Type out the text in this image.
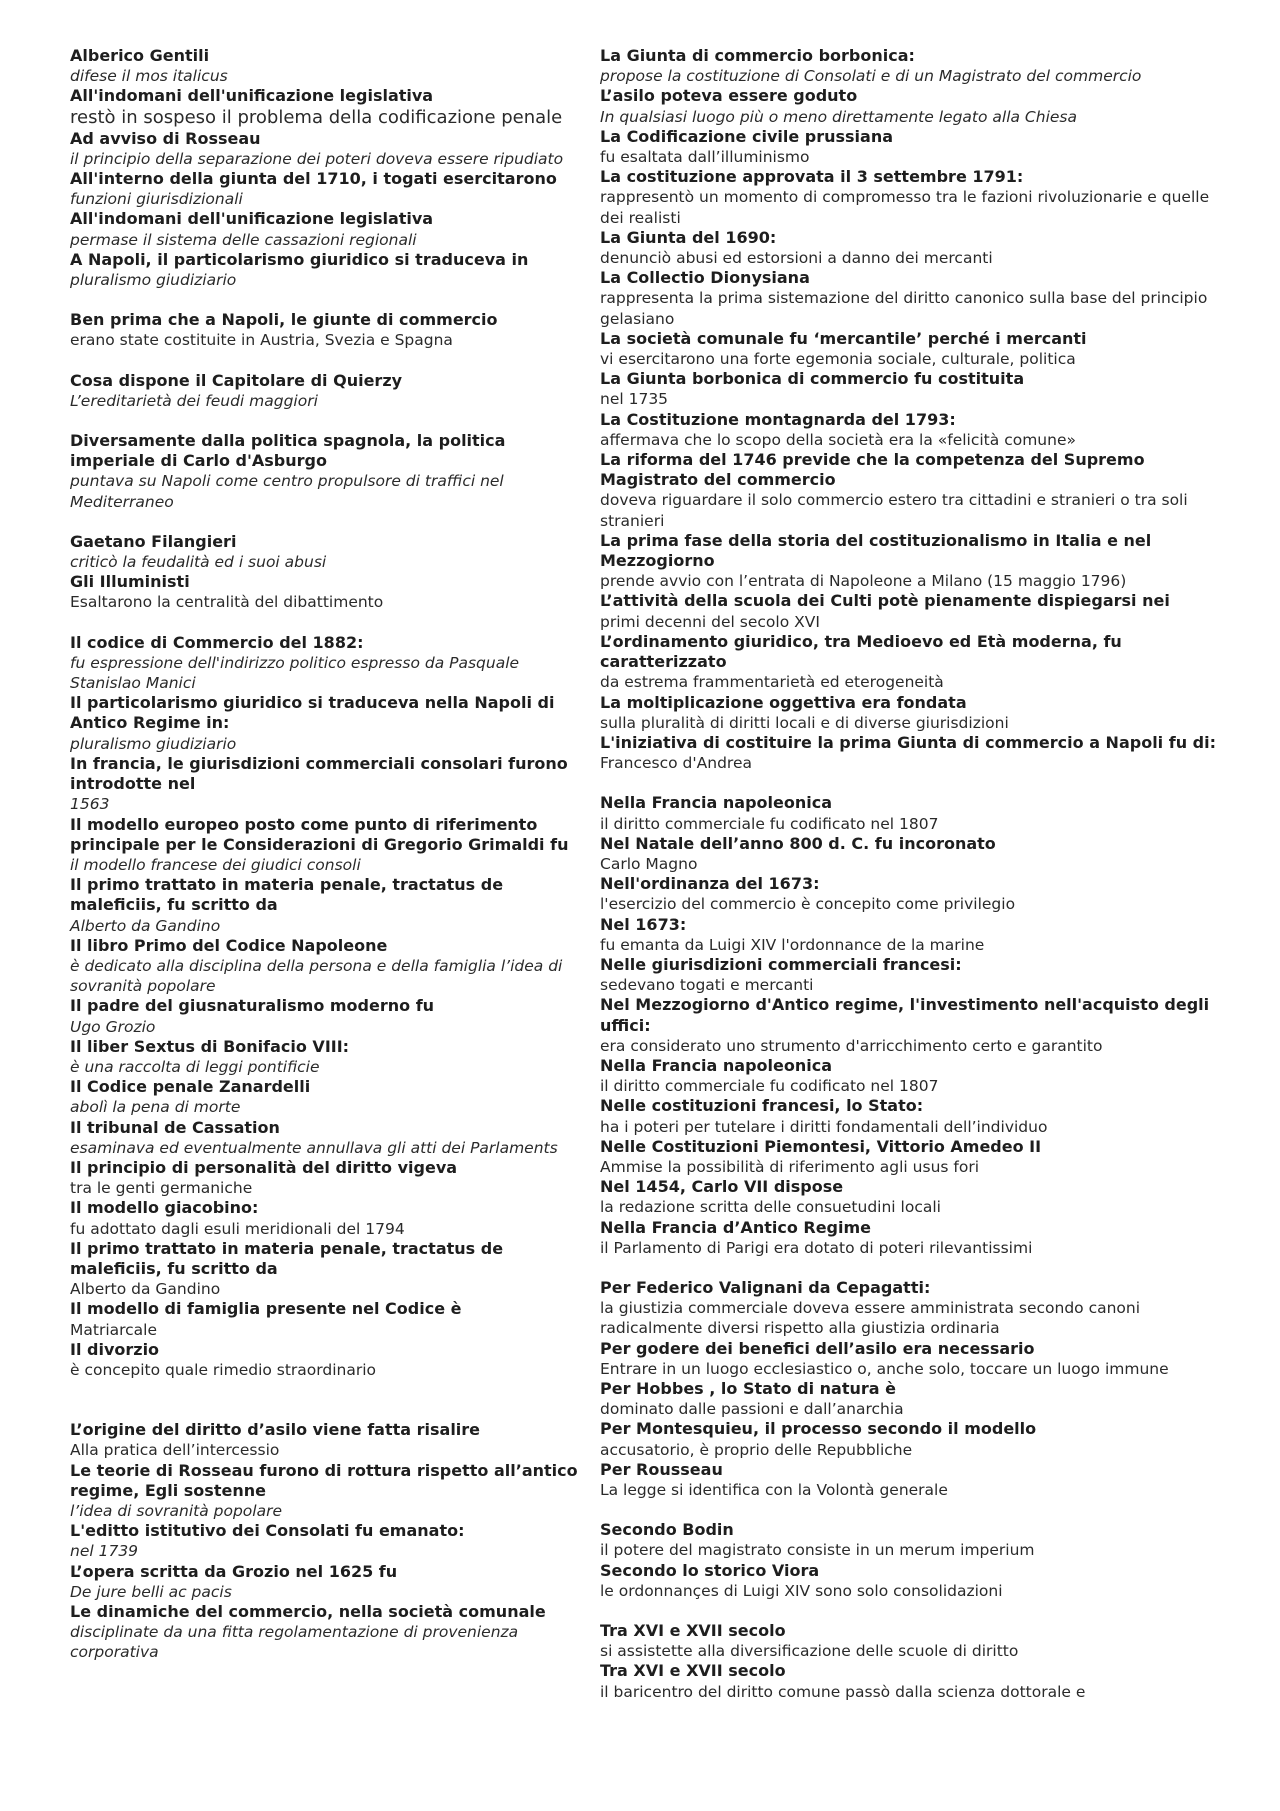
Alberico Gentili
difese il mos italicus
All'indomani dell'unificazione legislativa
restò in sospeso il problema della codificazione penale
Ad avviso di Rosseau
il principio della separazione dei poteri doveva essere ripudiato
All'interno della giunta del 1710, i togati esercitarono
funzioni giurisdizionali
All'indomani dell'unificazione legislativa
permase il sistema delle cassazioni regionali
A Napoli, il particolarismo giuridico si traduceva in
pluralismo giudiziario
Ben prima che a Napoli, le giunte di commercio
erano state costituite in Austria, Svezia e Spagna
Cosa dispone il Capitolare di Quierzy
L’ereditarietà dei feudi maggiori
Diversamente dalla politica spagnola, la politica imperiale di Carlo d'Asburgo
puntava su Napoli come centro propulsore di traffici nel Mediterraneo
Gaetano Filangieri
criticò la feudalità ed i suoi abusi
Gli Illuministi
Esaltarono la centralità del dibattimento
Il codice di Commercio del 1882:
fu espressione dell'indirizzo politico espresso da Pasquale Stanislao Manici
Il particolarismo giuridico si traduceva nella Napoli di Antico Regime in:
pluralismo giudiziario
In francia, le giurisdizioni commerciali consolari furono introdotte nel
1563
Il modello europeo posto come punto di riferimento principale per le Considerazioni di Gregorio Grimaldi fu
il modello francese dei giudici consoli
Il primo trattato in materia penale, tractatus de maleficiis, fu scritto da
Alberto da Gandino
Il libro Primo del Codice Napoleone
è dedicato alla disciplina della persona e della famiglia l’idea di sovranità popolare
Il padre del giusnaturalismo moderno fu
Ugo Grozio
Il liber Sextus di Bonifacio VIII:
è una raccolta di leggi pontificie
Il Codice penale Zanardelli
abolì la pena di morte
Il tribunal de Cassation
esaminava ed eventualmente annullava gli atti dei Parlaments
Il principio di personalità del diritto vigeva
tra le genti germaniche
Il modello giacobino:
fu adottato dagli esuli meridionali del 1794
Il primo trattato in materia penale, tractatus de maleficiis, fu scritto da
Alberto da Gandino
Il modello di famiglia presente nel Codice è
Matriarcale
Il divorzio
è concepito quale rimedio straordinario
L’origine del diritto d’asilo viene fatta risalire
Alla pratica dell’intercessio
Le teorie di Rosseau furono di rottura rispetto all’antico regime, Egli sostenne
l’idea di sovranità popolare
L'editto istitutivo dei Consolati fu emanato:
nel 1739
L’opera scritta da Grozio nel 1625 fu
De jure belli ac pacis
Le dinamiche del commercio, nella società comunale
disciplinate da una fitta regolamentazione di provenienza corporativa
La Giunta di commercio borbonica:
propose la costituzione di Consolati e di un Magistrato del commercio
L’asilo poteva essere goduto
In qualsiasi luogo più o meno direttamente legato alla Chiesa
La Codificazione civile prussiana
fu esaltata dall’illuminismo
La costituzione approvata il 3 settembre 1791:
rappresentò un momento di compromesso tra le fazioni rivoluzionarie e quelle dei realisti
La Giunta del 1690:
denunciò abusi ed estorsioni a danno dei mercanti
La Collectio Dionysiana
rappresenta la prima sistemazione del diritto canonico sulla base del principio gelasiano
La società comunale fu ‘mercantile’ perché i mercanti
vi esercitarono una forte egemonia sociale, culturale, politica
La Giunta borbonica di commercio fu costituita
nel 1735
La Costituzione montagnarda del 1793:
affermava che lo scopo della società era la «felicità comune»
La riforma del 1746 previde che la competenza del Supremo Magistrato del commercio
doveva riguardare il solo commercio estero tra cittadini e stranieri o tra soli stranieri
La prima fase della storia del costituzionalismo in Italia e nel Mezzogiorno
prende avvio con l’entrata di Napoleone a Milano (15 maggio 1796)
L’attività della scuola dei Culti potè pienamente dispiegarsi nei
primi decenni del secolo XVI
L’ordinamento giuridico, tra Medioevo ed Età moderna, fu caratterizzato
da estrema frammentarietà ed eterogeneità
La moltiplicazione oggettiva era fondata
sulla pluralità di diritti locali e di diverse giurisdizioni
L'iniziativa di costituire la prima Giunta di commercio a Napoli fu di:
Francesco d'Andrea
Nella Francia napoleonica
il diritto commerciale fu codificato nel 1807
Nel Natale dell’anno 800 d. C. fu incoronato
Carlo Magno
Nell'ordinanza del 1673:
l'esercizio del commercio è concepito come privilegio
Nel 1673:
fu emanta da Luigi XIV l'ordonnance de la marine
Nelle giurisdizioni commerciali francesi:
sedevano togati e mercanti
Nel Mezzogiorno d'Antico regime, l'investimento nell'acquisto degli uffici:
era considerato uno strumento d'arricchimento certo e garantito
Nella Francia napoleonica
il diritto commerciale fu codificato nel 1807
Nelle costituzioni francesi, lo Stato:
ha i poteri per tutelare i diritti fondamentali dell’individuo
Nelle Costituzioni Piemontesi, Vittorio Amedeo II
Ammise la possibilità di riferimento agli usus fori
Nel 1454, Carlo VII dispose
la redazione scritta delle consuetudini locali
Nella Francia d’Antico Regime
il Parlamento di Parigi era dotato di poteri rilevantissimi
Per Federico Valignani da Cepagatti:
la giustizia commerciale doveva essere amministrata secondo canoni radicalmente diversi rispetto alla giustizia ordinaria
Per godere dei benefici dell’asilo era necessario
Entrare in un luogo ecclesiastico o, anche solo, toccare un luogo immune
Per Hobbes , lo Stato di natura è
dominato dalle passioni e dall’anarchia
Per Montesquieu, il processo secondo il modello
accusatorio, è proprio delle Repubbliche
Per Rousseau
La legge si identifica con la Volontà generale
Secondo Bodin
il potere del magistrato consiste in un merum imperium
Secondo lo storico Viora
le ordonnançes di Luigi XIV sono solo consolidazioni
Tra XVI e XVII secolo
si assistette alla diversificazione delle scuole di diritto
Tra XVI e XVII secolo
il baricentro del diritto comune passò dalla scienza dottorale e
